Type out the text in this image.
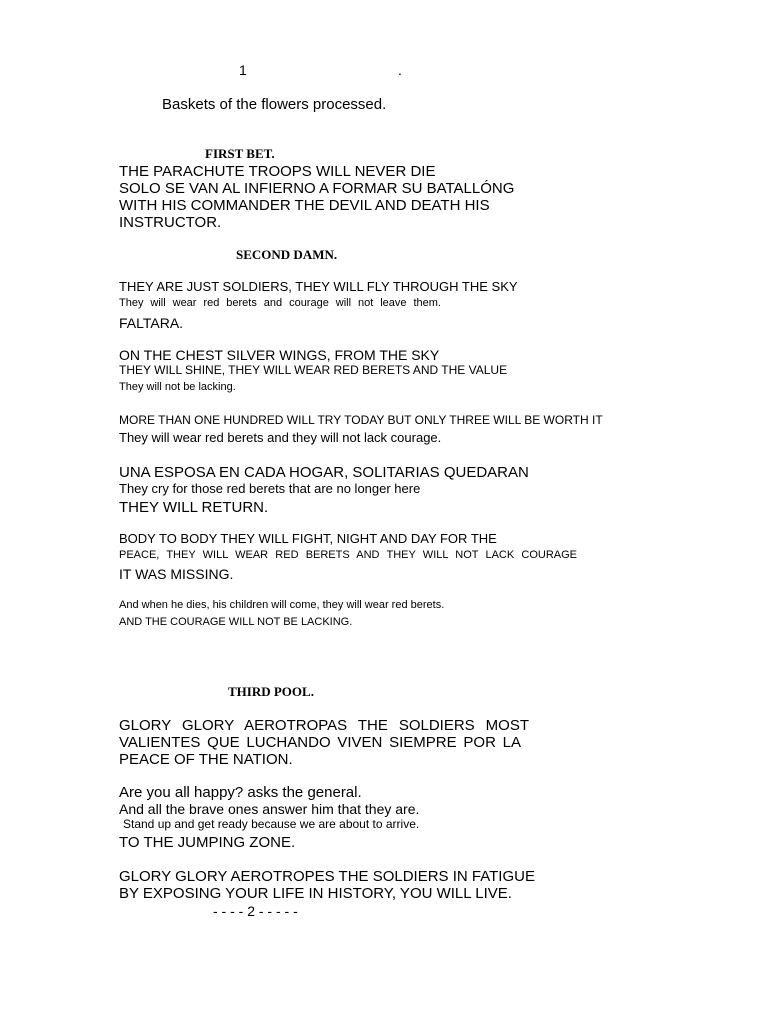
1	.
Baskets of the flowers processed.
FIRST BET.
THE PARACHUTE TROOPS WILL NEVER DIE
SOLO SE VAN AL INFIERNO A FORMAR SU BATALLÓNG
WITH HIS COMMANDER THE DEVIL AND DEATH HIS
INSTRUCTOR.
SECOND DAMN.
THEY ARE JUST SOLDIERS, THEY WILL FLY THROUGH THE SKY
They will wear red berets and courage will not leave them.
FALTARA.
ON THE CHEST SILVER WINGS, FROM THE SKY
THEY WILL SHINE, THEY WILL WEAR RED BERETS AND THE VALUE
They will not be lacking.
MORE THAN ONE HUNDRED WILL TRY TODAY BUT ONLY THREE WILL BE WORTH IT
They will wear red berets and they will not lack courage.
UNA ESPOSA EN CADA HOGAR, SOLITARIAS QUEDARAN
They cry for those red berets that are no longer here
THEY WILL RETURN.
BODY TO BODY THEY WILL FIGHT, NIGHT AND DAY FOR THE
PEACE, THEY WILL WEAR RED BERETS AND THEY WILL NOT LACK COURAGE
IT WAS MISSING.
And when he dies, his children will come, they will wear red berets.
AND THE COURAGE WILL NOT BE LACKING.
THIRD POOL.
GLORY GLORY AEROTROPAS THE SOLDIERS MOST
VALIENTES QUE LUCHANDO VIVEN SIEMPRE POR LA
PEACE OF THE NATION.
Are you all happy? asks the general.
And all the brave ones answer him that they are.
Stand up and get ready because we are about to arrive.
TO THE JUMPING ZONE.
GLORY GLORY AEROTROPES THE SOLDIERS IN FATIGUE
BY EXPOSING YOUR LIFE IN HISTORY, YOU WILL LIVE.
- - - - 2 - - - - -
